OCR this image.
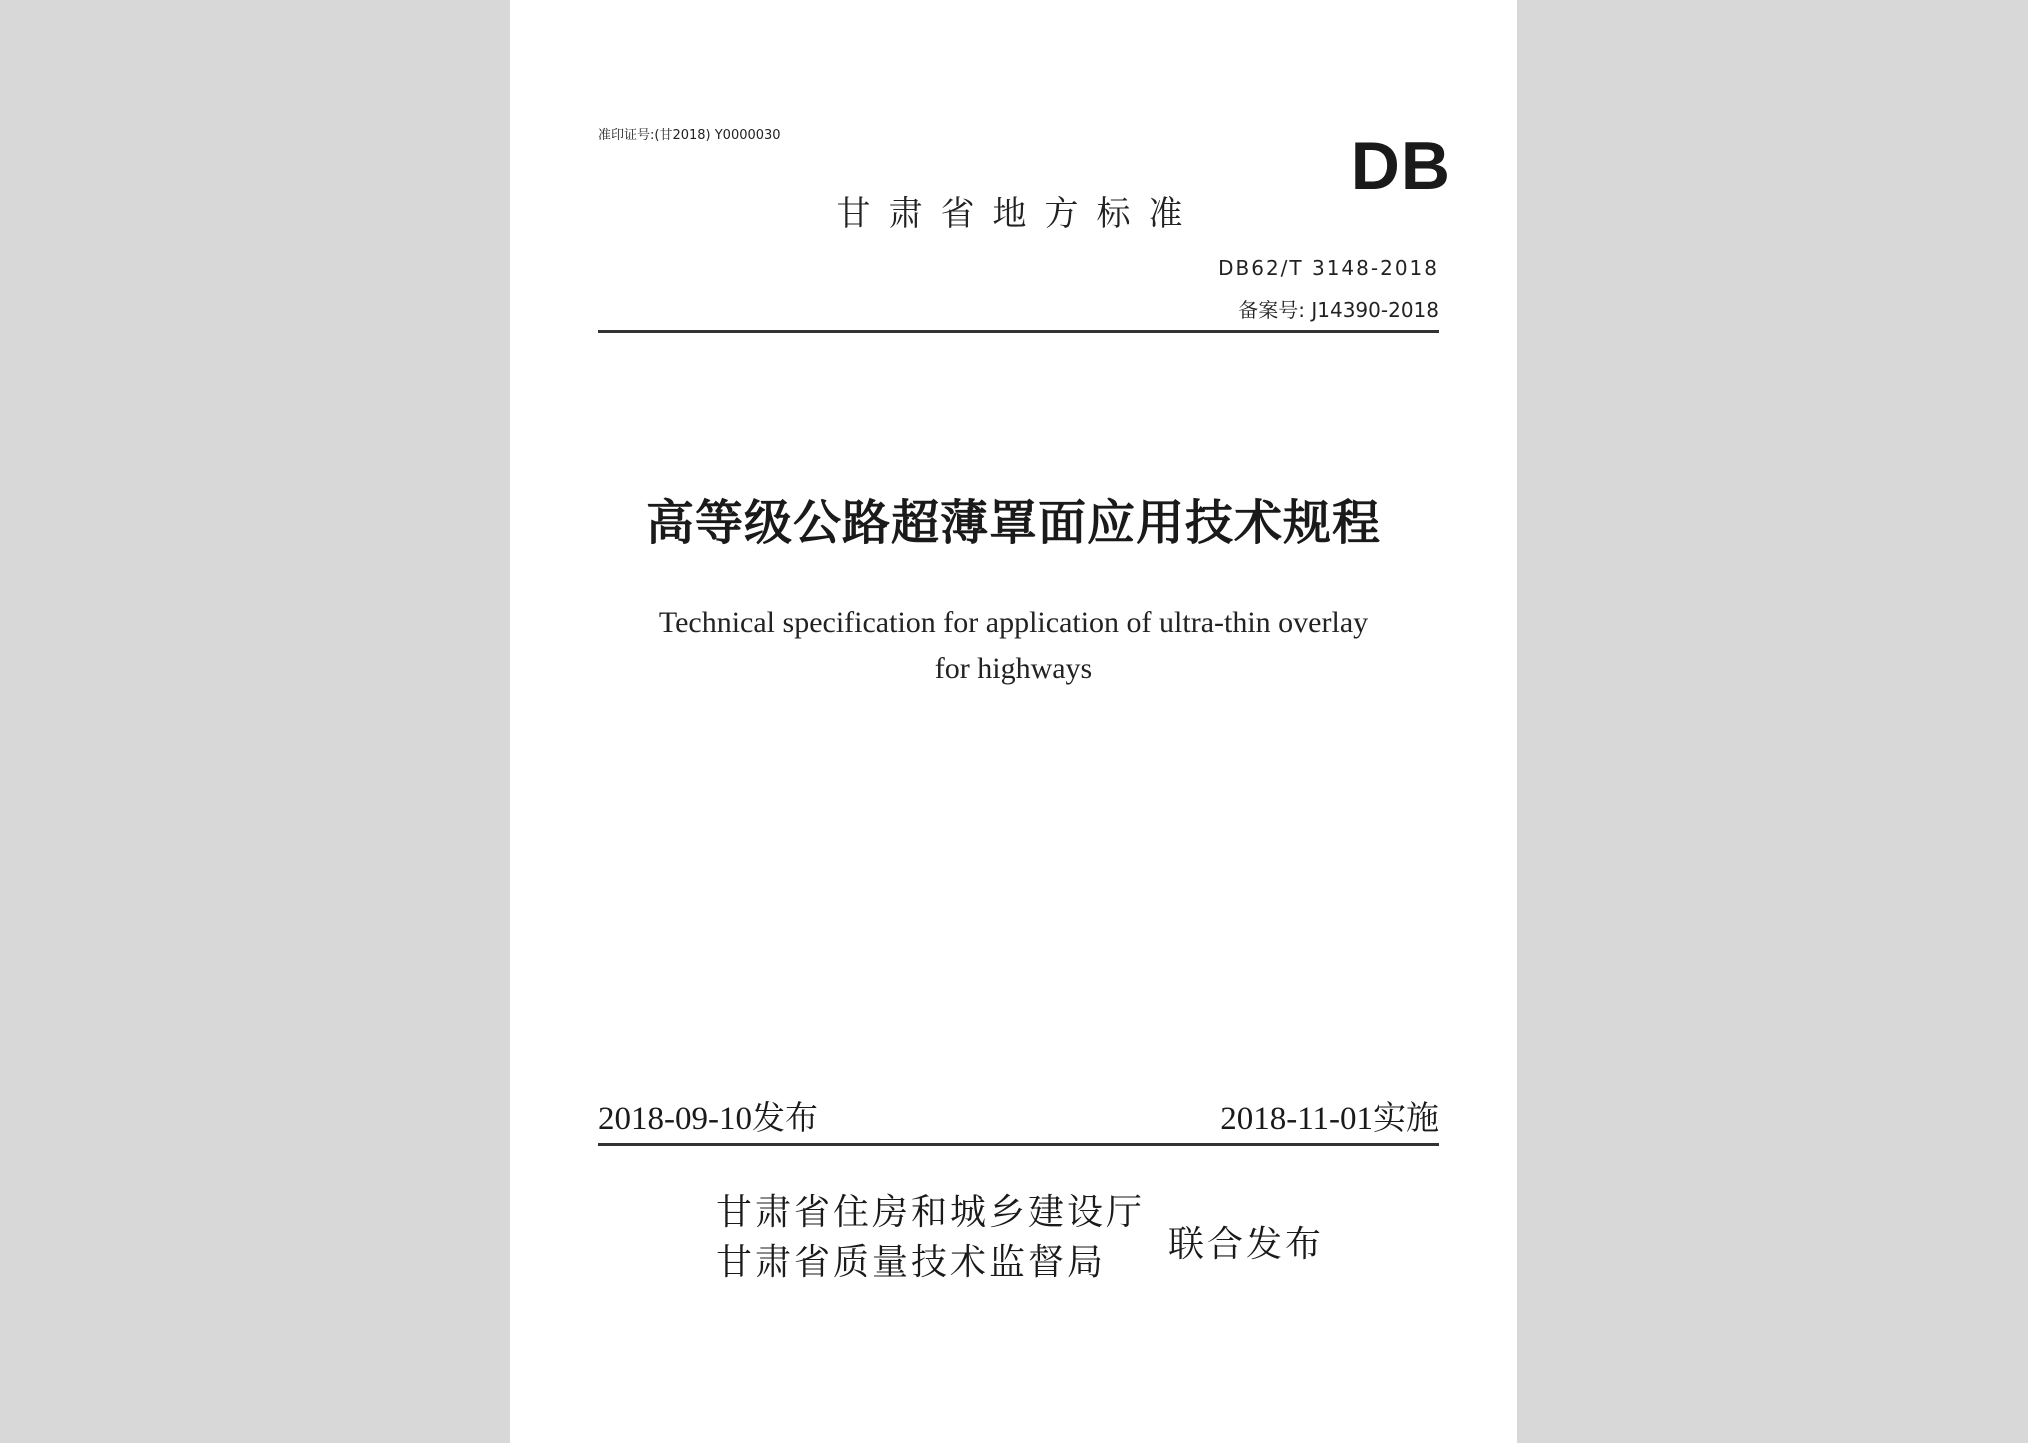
准印证号:(甘2018) Y0000030	DB
甘肃省地方标准
DB62/T 3148-2018
备案号: J14390-2018
高等级公路超薄罩面应用技术规程
Technical specification for application of ultra-thin overlay
for highways
2018-09-10发布	2018-11-01实施
甘肃省住房和城乡建设厅
甘肃省质量技术监督局	联合发布
